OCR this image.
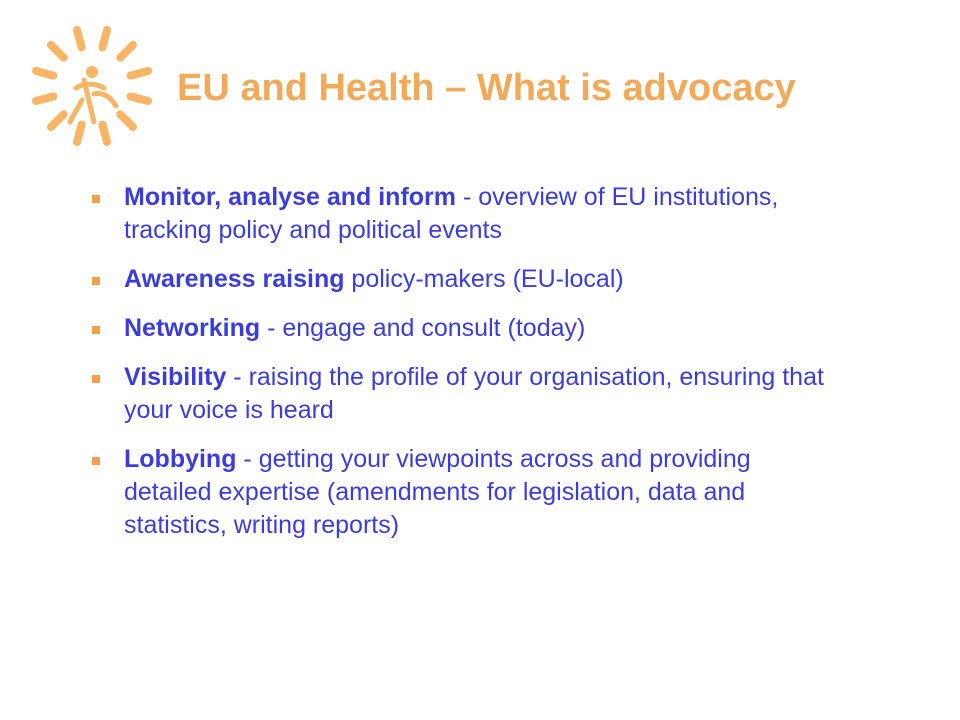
EU and Health – What is advocacy
Monitor, analyse and inform - overview of EU institutions, tracking policy and political events
Awareness raising policy-makers (EU-local)
Networking - engage and consult (today)
Visibility - raising the profile of your organisation, ensuring that your voice is heard
Lobbying - getting your viewpoints across and providing detailed expertise (amendments for legislation, data and statistics, writing reports)
